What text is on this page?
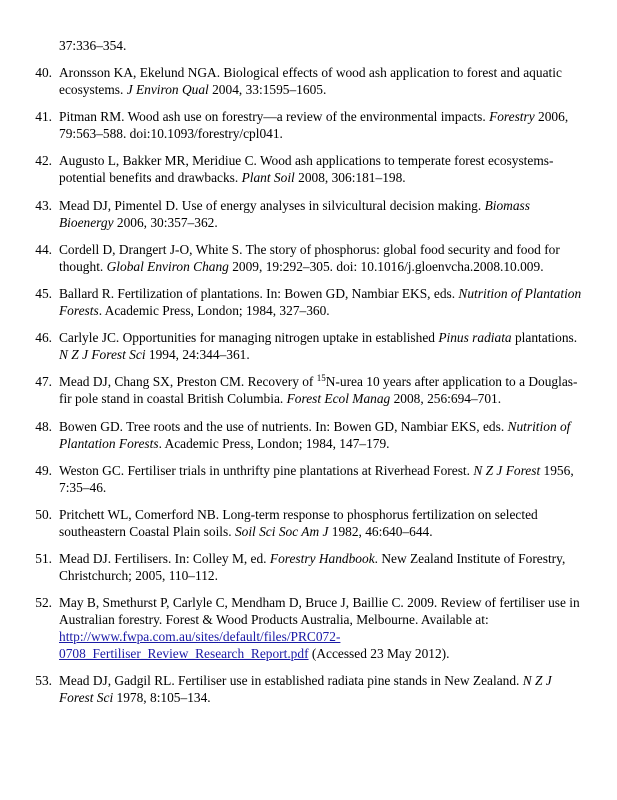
37:336–354.
40. Aronsson KA, Ekelund NGA. Biological effects of wood ash application to forest and aquatic ecosystems. J Environ Qual 2004, 33:1595–1605.
41. Pitman RM. Wood ash use on forestry—a review of the environmental impacts. Forestry 2006, 79:563–588. doi:10.1093/forestry/cpl041.
42. Augusto L, Bakker MR, Meridiue C. Wood ash applications to temperate forest ecosystems-potential benefits and drawbacks. Plant Soil 2008, 306:181–198.
43. Mead DJ, Pimentel D. Use of energy analyses in silvicultural decision making. Biomass Bioenergy 2006, 30:357–362.
44. Cordell D, Drangert J-O, White S. The story of phosphorus: global food security and food for thought. Global Environ Chang 2009, 19:292–305. doi: 10.1016/j.gloenvcha.2008.10.009.
45. Ballard R. Fertilization of plantations. In: Bowen GD, Nambiar EKS, eds. Nutrition of Plantation Forests. Academic Press, London; 1984, 327–360.
46. Carlyle JC. Opportunities for managing nitrogen uptake in established Pinus radiata plantations. N Z J Forest Sci 1994, 24:344–361.
47. Mead DJ, Chang SX, Preston CM. Recovery of $^{15}$N-urea 10 years after application to a Douglas-fir pole stand in coastal British Columbia. Forest Ecol Manag 2008, 256:694–701.
48. Bowen GD. Tree roots and the use of nutrients. In: Bowen GD, Nambiar EKS, eds. Nutrition of Plantation Forests. Academic Press, London; 1984, 147–179.
49. Weston GC. Fertiliser trials in unthrifty pine plantations at Riverhead Forest. N Z J Forest 1956, 7:35–46.
50. Pritchett WL, Comerford NB. Long-term response to phosphorus fertilization on selected southeastern Coastal Plain soils. Soil Sci Soc Am J 1982, 46:640–644.
51. Mead DJ. Fertilisers. In: Colley M, ed. Forestry Handbook. New Zealand Institute of Forestry, Christchurch; 2005, 110–112.
52. May B, Smethurst P, Carlyle C, Mendham D, Bruce J, Baillie C. 2009. Review of fertiliser use in Australian forestry. Forest & Wood Products Australia, Melbourne. Available at: http://www.fwpa.com.au/sites/default/files/PRC072-0708_Fertiliser_Review_Research_Report.pdf (Accessed 23 May 2012).
53. Mead DJ, Gadgil RL. Fertiliser use in established radiata pine stands in New Zealand. N Z J Forest Sci 1978, 8:105–134.
